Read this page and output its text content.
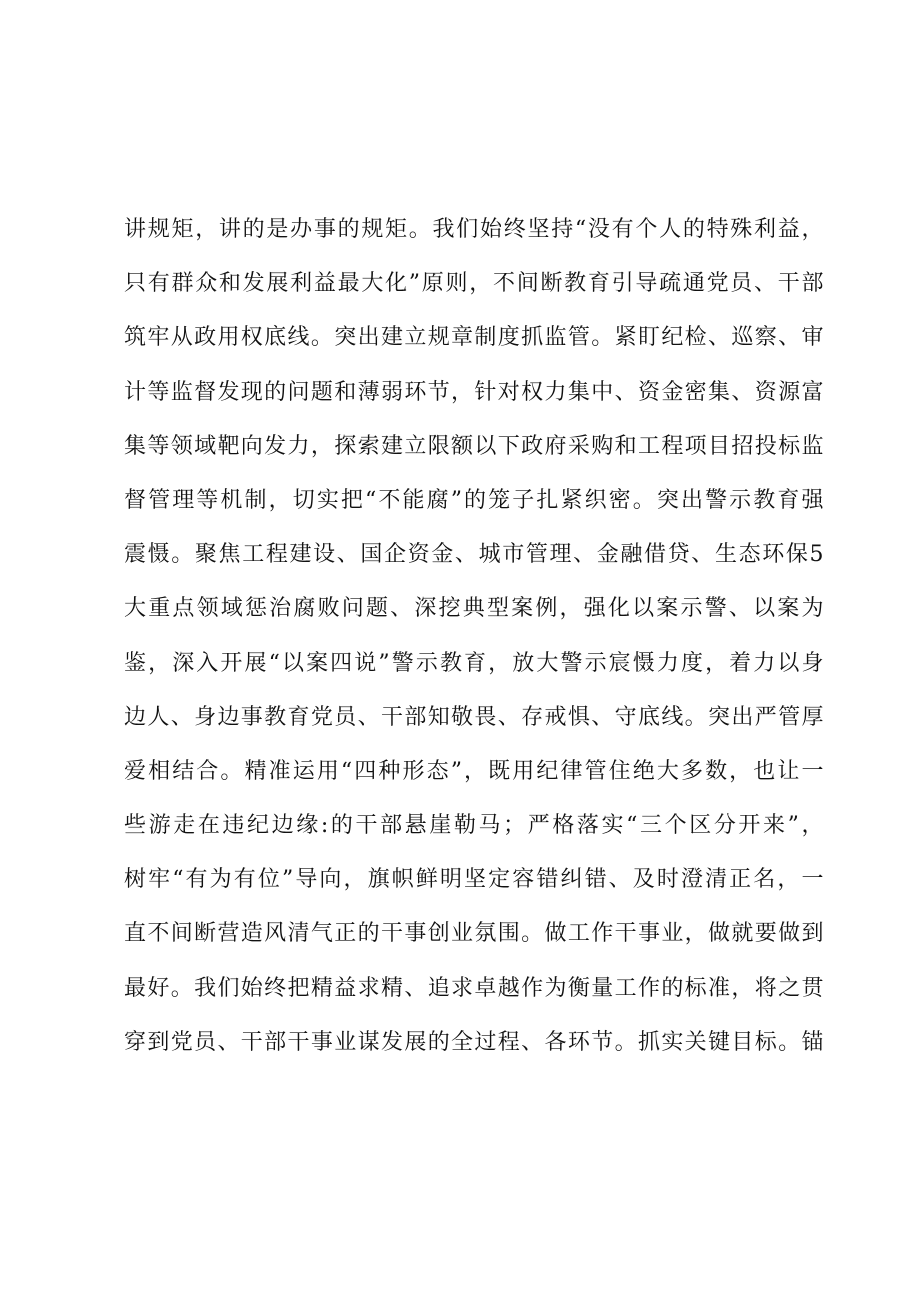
讲规矩，讲的是办事的规矩。我们始终坚持“没有个人的特殊利益，
只有群众和发展利益最大化”原则，不间断教育引导疏通党员、干部
筑牢从政用权底线。突出建立规章制度抓监管。紧盯纪检、巡察、审
计等监督发现的问题和薄弱环节，针对权力集中、资金密集、资源富
集等领域靶向发力，探索建立限额以下政府采购和工程项目招投标监
督管理等机制，切实把“不能腐”的笼子扎紧织密。突出警示教育强
震慑。聚焦工程建设、国企资金、城市管理、金融借贷、生态环保5
大重点领域惩治腐败问题、深挖典型案例，强化以案示警、以案为
鉴，深入开展“以案四说”警示教育，放大警示宸慑力度，着力以身
边人、身边事教育党员、干部知敬畏、存戒惧、守底线。突出严管厚
爱相结合。精准运用“四种形态”，既用纪律管住绝大多数，也让一
些游走在违纪边缘:的干部悬崖勒马；严格落实“三个区分开来”，
树牢“有为有位”导向，旗帜鲜明坚定容错纠错、及时澄清正名，一
直不间断营造风清气正的干事创业氛围。做工作干事业，做就要做到
最好。我们始终把精益求精、追求卓越作为衡量工作的标准，将之贯
穿到党员、干部干事业谋发展的全过程、各环节。抓实关键目标。锚
